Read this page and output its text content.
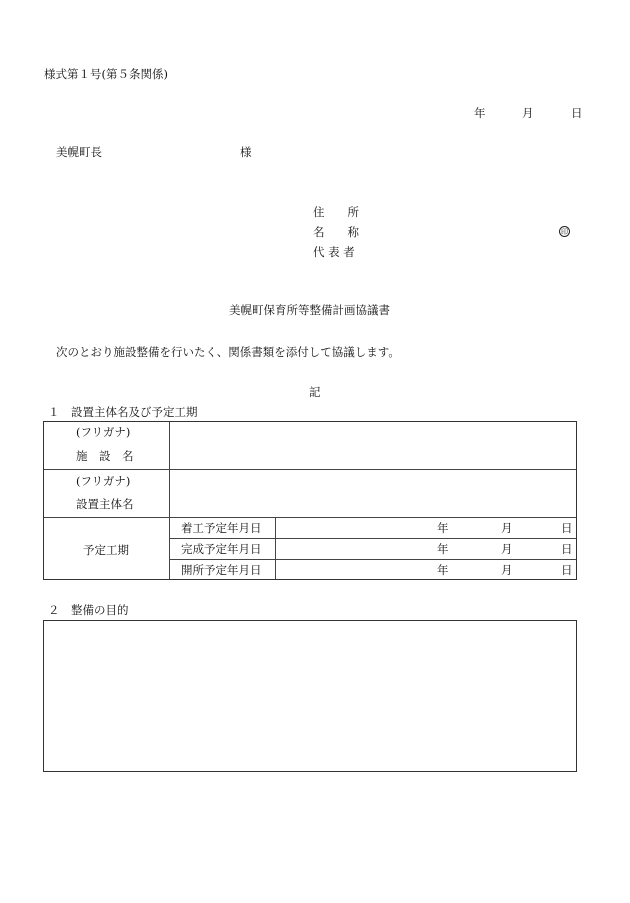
様式第１号(第５条関係)
年	月	日
美幌町長	様
住　　所
名　　称	印
代 表 者
美幌町保育所等整備計画協議書
次のとおり施設整備を行いたく、関係書類を添付して協議します。
記
１　設置主体名及び予定工期
(フリガナ)
施　設　名
(フリガナ)
設置主体名
予定工期
着工予定年月日	年	月	日
完成予定年月日	年	月	日
開所予定年月日	年	月	日
２　整備の目的
